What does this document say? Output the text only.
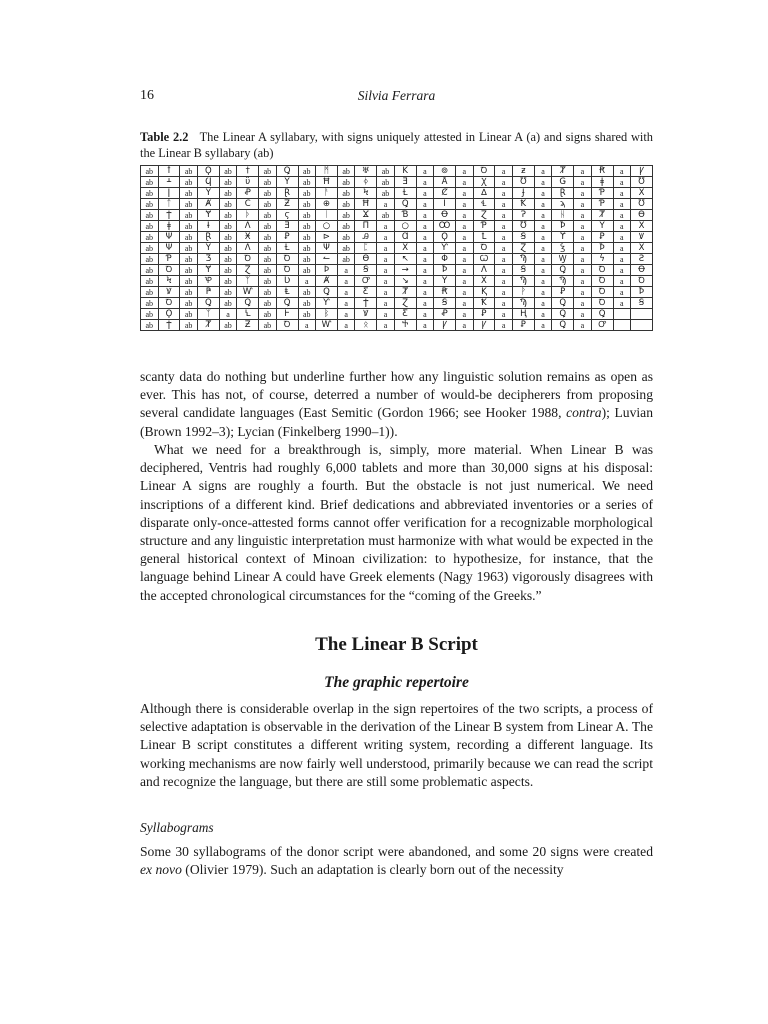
16	Silvia Ferrara
Table 2.2 The Linear A syllabary, with signs uniquely attested in Linear A (a) and signs shared with the Linear B syllabary (ab)
ab	ꝉ	ab	Ϙ	ab	†	ab	Ꝗ	ab	ᛗ	ab	♅	ab	Ḱ	a	⊚	a	Ꝺ	a	ƶ	a	Ⱦ	a	Ꞧ	a	Ꝩ
ab	ᚆ	ab	Ϥ	ab	ΰ	ab	Ŷ	ab	Ħ	ab	ᛄ	ab	Ǝ	a	Å	a	Ꭓ	a	Ʊ	a	Ǥ	a	ǂ	a	Ʊ
ab	ǀ	ab	Ϋ	ab	Ꝓ	ab	Ɽ	ab	ᚨ	ab	Ϟ	ab	Ɫ	a	Ȼ	a	∆	a	Ɉ	a	Ɽ	a	Ƥ	a	Ẍ
ab	ᛏ	ab	Ⱥ	ab	Ϲ	ab	Ƶ	ab	⊕	ab	Ħ	a	Ꝗ	a	Ι	a	Ɬ	a	Ꝁ	a	ϡ	a	Ƥ	a	Ʊ
ab	Ϯ	ab	Ɏ	ab	ᚦ	ab	ϛ	ab	ᛁ	ab	Ϫ	ab	Ɓ	a	Ꝋ	a	Ɀ	a	Ɂ	a	ᚺ	a	Ⱦ	a	Ɵ
ab	ǂ	ab	Ɨ	ab	Λ	ab	Ǝ	ab	○	ab	Π	a	○	a	Ꝏ	a	Ƥ	a	Ʊ	a	Ꝥ	a	Ϋ	a	Ẍ
ab	Ψ	ab	Ɽ	ab	Ӿ	ab	Ꝑ	ab	⊳	ab	Ꭿ	a	Ɑ	a	Ϙ	a	Ꝉ	a	Ꞩ	a	ϒ	a	Ꝑ	a	Ꝟ
ab	Ψ	ab	Ϋ	ab	Ʌ	ab	Ɫ	ab	Ψ	ab	ᛈ	a	Ẍ	a	Ƴ	a	Ꝺ	a	Ɀ	a	Ꝣ	a	Ꝥ	a	Ẍ
ab	Ƥ	ab	Ǯ	ab	Ꝺ	ab	Ꝺ	ab	↼	ab	Ө	a	↖	a	Φ	a	Ꞷ	a	Ϡ	a	Ꝡ	a	ϟ	a	Ƨ
ab	Ꝺ	ab	Ɏ	ab	Ɀ	ab	Ꝺ	ab	Ϸ	a	Ꞩ	a	→	a	Ꝥ	a	Ʌ	a	Ꞩ	a	Ꝗ	a	Ꝺ	a	Ꝋ
ab	Ϟ	ab	Ꝕ	ab	ᛉ	ab	Ʋ	a	Ⱥ	a	Ꝍ	a	↘	a	Ϋ	a	Ẍ	a	Ϡ	a	Ϡ	a	Ꝺ	a	Ꝺ
ab	Ꝟ	ab	Ҏ	ab	Ⱳ	ab	Ⱡ	ab	Ꝗ	a	Ƹ	a	Ⱦ	a	Ꞧ	a	Ⱪ	a	ᚹ	a	Ꝑ	a	Ꝺ	a	Ꝥ
ab	Ꝺ	ab	Ꝗ	ab	Ꝗ	ab	Ꝗ	ab	Ƴ	a	Ϯ	a	Ɀ	a	Ꞩ	a	Ꝁ	a	Ϡ	a	Ꝗ	a	Ꝺ	a	Ꞩ
ab	Ϙ	ab	ᛉ	a	Ꝇ	ab	Ⱶ	ab	ᛒ	a	Ꝟ	a	Ƹ	a	Ꝓ	a	Ꝑ	a	Ⱨ	a	Ꝗ	a	Ꝗ		
ab	Ϯ	ab	Ⱦ	ab	Ƶ	ab	Ꝺ	a	Ⱳ	a	ᛟ	a	Ⴕ	a	Ꝩ	a	Ꝩ	a	Ꝑ	a	Ꝗ	a	Ꝍ		

scanty data do nothing but underline further how any linguistic solution remains as open as ever. This has not, of course, deterred a number of would-be decipherers from proposing several candidate languages (East Semitic (Gordon 1966; see Hooker 1988, contra); Luvian (Brown 1992–3); Lycian (Finkelberg 1990–1)).

What we need for a breakthrough is, simply, more material. When Linear B was deciphered, Ventris had roughly 6,000 tablets and more than 30,000 signs at his disposal: Linear A signs are roughly a fourth. But the obstacle is not just numerical. We need inscriptions of a different kind. Brief dedications and abbreviated inventories or a series of disparate only-once-attested forms cannot offer verification for a recognizable morphological structure and any linguistic interpretation must harmonize with what would be expected in the general historical context of Minoan civilization: to hypothesize, for instance, that the language behind Linear A could have Greek elements (Nagy 1963) vigorously disagrees with the accepted chronological circumstances for the “coming of the Greeks.”

The Linear B Script
The graphic repertoire

Although there is considerable overlap in the sign repertoires of the two scripts, a process of selective adaptation is observable in the derivation of the Linear B system from Linear A. The Linear B script constitutes a different writing system, recording a different language. Its working mechanisms are now fairly well understood, primarily because we can read the script and recognize the language, but there are still some problematic aspects.

Syllabograms

Some 30 syllabograms of the donor script were abandoned, and some 20 signs were created ex novo (Olivier 1979). Such an adaptation is clearly born out of the necessity
